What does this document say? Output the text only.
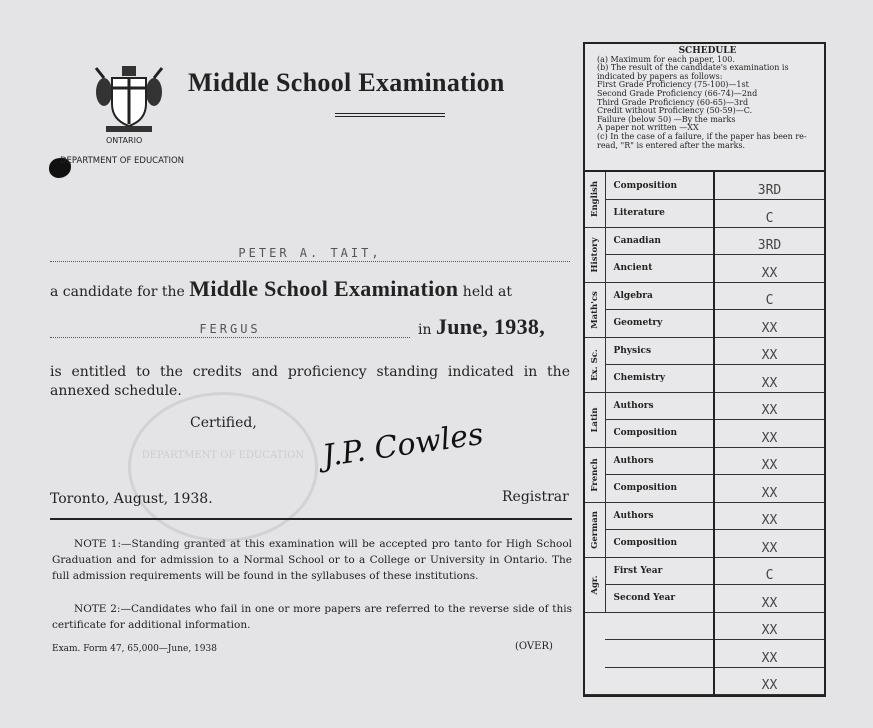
ONTARIO
DEPARTMENT OF EDUCATION
Middle School Examination
PETER A. TAIT,
a candidate for the Middle School Examination held at
FERGUS	in June, 1938,

is entitled to the credits and proficiency standing indicated in the annexed schedule.

DEPARTMENT OF EDUCATION
Certified, J.P. Cowles
Toronto, August, 1938.	Registrar

NOTE 1:—Standing granted at this examination will be accepted pro tanto for High School Graduation and for admission to a Normal School or to a College or University in Ontario. The full admission requirements will be found in the syllabuses of these institutions.

NOTE 2:—Candidates who fail in one or more papers are referred to the reverse side of this certificate for additional information.

Exam. Form 47, 65,000—June, 1938	(OVER)
SCHEDULE
(a) Maximum for each paper, 100.
(b) The result of the candidate's examination is indicated by papers as follows:
First Grade Proficiency (75-100)—1st
Second Grade Proficiency (66-74)—2nd
Third Grade Proficiency (60-65)—3rd
Credit without Proficiency (50-59)—C.
Failure (below 50) —By the marks
A paper not written —XX
(c) In the case of a failure, if the paper has been re-read, "R" is entered after the marks.
English	Composition	3RD
	Literature	C

History	Canadian	3RD
	Ancient	XX

Math'cs	Algebra	C
	Geometry	XX

Ex. Sc.	Physics	XX
	Chemistry	XX

Latin	Authors	XX
	Composition	XX

French	Authors	XX
	Composition	XX

German	Authors	XX
	Composition	XX

Agr.	First Year	C
	Second Year	XX

		XX
		XX
		XX
